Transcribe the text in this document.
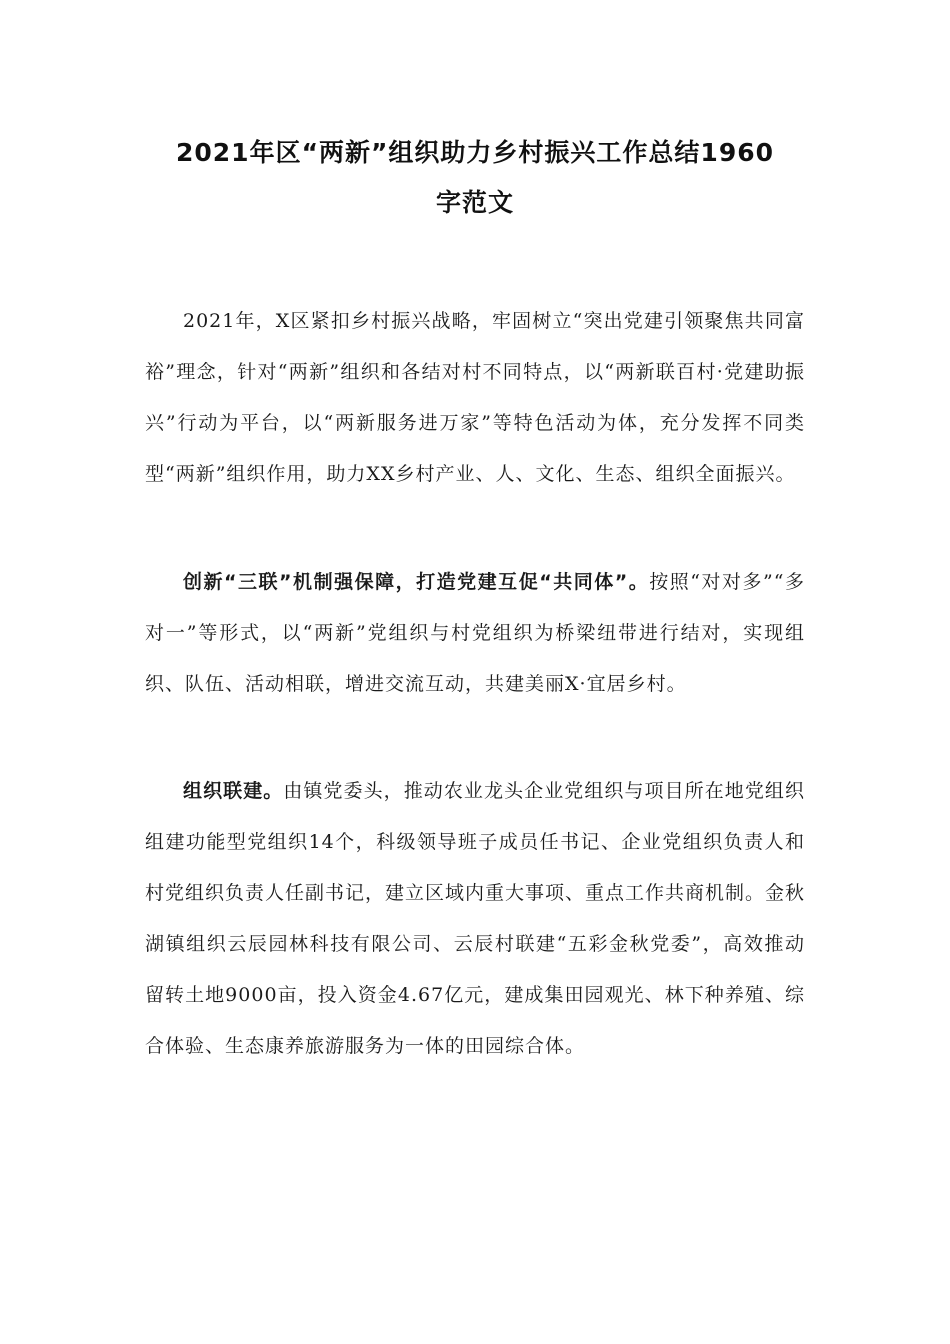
2021年区“两新”组织助力乡村振兴工作总结1960
字范文

2021年，X区紧扣乡村振兴战略，牢固树立“突出党建引领聚焦共同富裕”理念，针对“两新”组织和各结对村不同特点，以“两新联百村·党建助振兴”行动为平台，以“两新服务进万家”等特色活动为体，充分发挥不同类型“两新”组织作用，助力XX乡村产业、人、文化、生态、组织全面振兴。

创新“三联”机制强保障，打造党建互促“共同体”。按照“对对多”“多对一”等形式，以“两新”党组织与村党组织为桥梁纽带进行结对，实现组织、队伍、活动相联，增进交流互动，共建美丽X·宜居乡村。

组织联建。由镇党委头，推动农业龙头企业党组织与项目所在地党组织组建功能型党组织14个，科级领导班子成员任书记、企业党组织负责人和村党组织负责人任副书记，建立区域内重大事项、重点工作共商机制。金秋湖镇组织云辰园林科技有限公司、云辰村联建“五彩金秋党委”，高效推动留转土地9000亩，投入资金4.67亿元，建成集田园观光、林下种养殖、综合体验、生态康养旅游服务为一体的田园综合体。
